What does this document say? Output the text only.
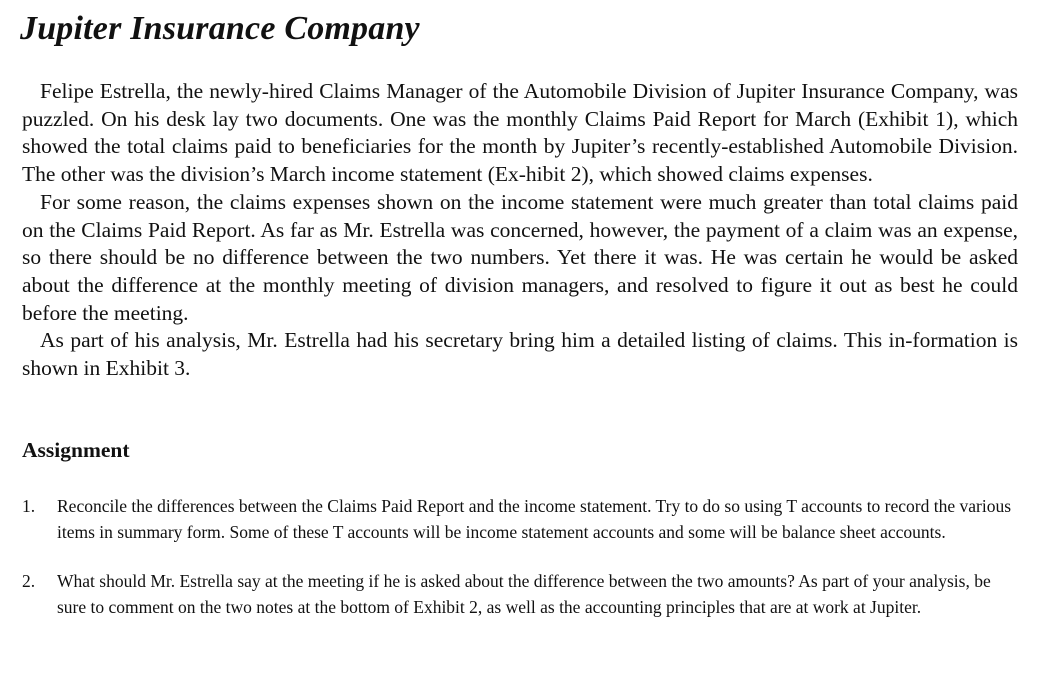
Jupiter Insurance Company

Felipe Estrella, the newly-hired Claims Manager of the Automobile Division of Jupiter Insurance Company, was puzzled. On his desk lay two documents. One was the monthly Claims Paid Report for March (Exhibit 1), which showed the total claims paid to beneficiaries for the month by Jupiter’s recently-established Automobile Division. The other was the division’s March income statement (Ex-hibit 2), which showed claims expenses.

For some reason, the claims expenses shown on the income statement were much greater than total claims paid on the Claims Paid Report. As far as Mr. Estrella was concerned, however, the payment of a claim was an expense, so there should be no difference between the two numbers. Yet there it was. He was certain he would be asked about the difference at the monthly meeting of division managers, and resolved to figure it out as best he could before the meeting.

As part of his analysis, Mr. Estrella had his secretary bring him a detailed listing of claims. This in-formation is shown in Exhibit 3.

Assignment
1. Reconcile the differences between the Claims Paid Report and the income statement. Try to do so using T accounts to record the various items in summary form. Some of these T accounts will be income statement accounts and some will be balance sheet accounts.
2. What should Mr. Estrella say at the meeting if he is asked about the difference between the two amounts? As part of your analysis, be sure to comment on the two notes at the bottom of Exhibit 2, as well as the accounting principles that are at work at Jupiter.
